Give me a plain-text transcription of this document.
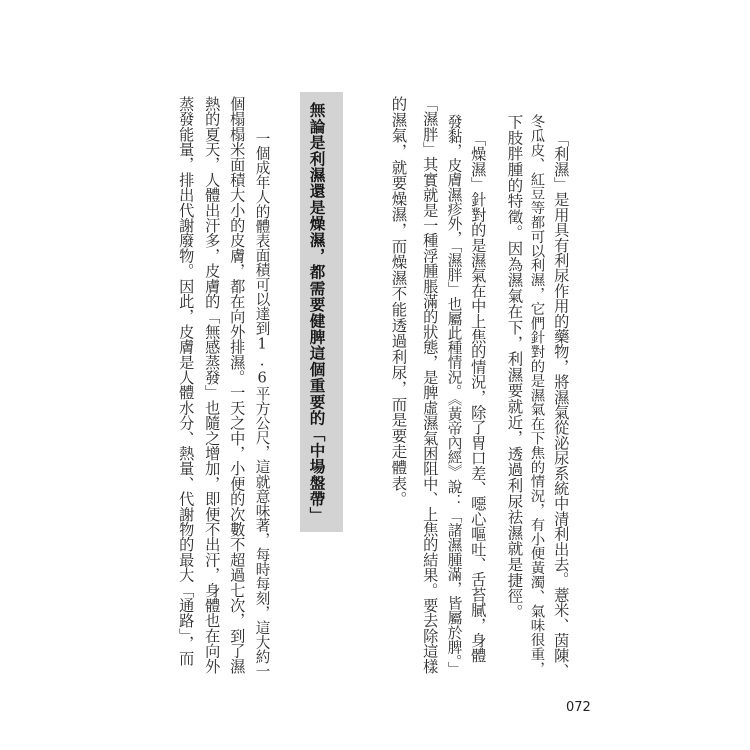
「利濕」是用具有利尿作用的藥物，將濕氣從泌尿系統中清利出去。薏米、茵陳、
冬瓜皮、紅豆等都可以利濕，它們針對的是濕氣在下焦的情況，有小便黃濁、氣味很重，
下肢胖腫的特徵。因為濕氣在下，利濕要就近，透過利尿祛濕就是捷徑。
「燥濕」針對的是濕氣在中上焦的情況，除了胃口差、噁心嘔吐、舌苔膩，身體
發黏，皮膚濕疹外，「濕胖」也屬此種情況。《黃帝內經》說：「諸濕腫滿，皆屬於脾。」
「濕胖」其實就是一種浮腫脹滿的狀態，是脾虛濕氣困阻中、上焦的結果。要去除這樣
的濕氣，就要燥濕，而燥濕不能透過利尿，而是要走體表。
無論是利濕還是燥濕，都需要健脾這個重要的「中場盤帶」
一個成年人的體表面積可以達到1.6平方公尺，這就意味著，每時每刻，這大約一
個榻榻米面積大小的皮膚，都在向外排濕。一天之中，小便的次數不超過七次，到了濕
熱的夏天，人體出汗多，皮膚的「無感蒸發」也隨之增加，即便不出汗，身體也在向外
蒸發能量，排出代謝廢物。因此，皮膚是人體水分、熱量、代謝物的最大「通路」，而
072
